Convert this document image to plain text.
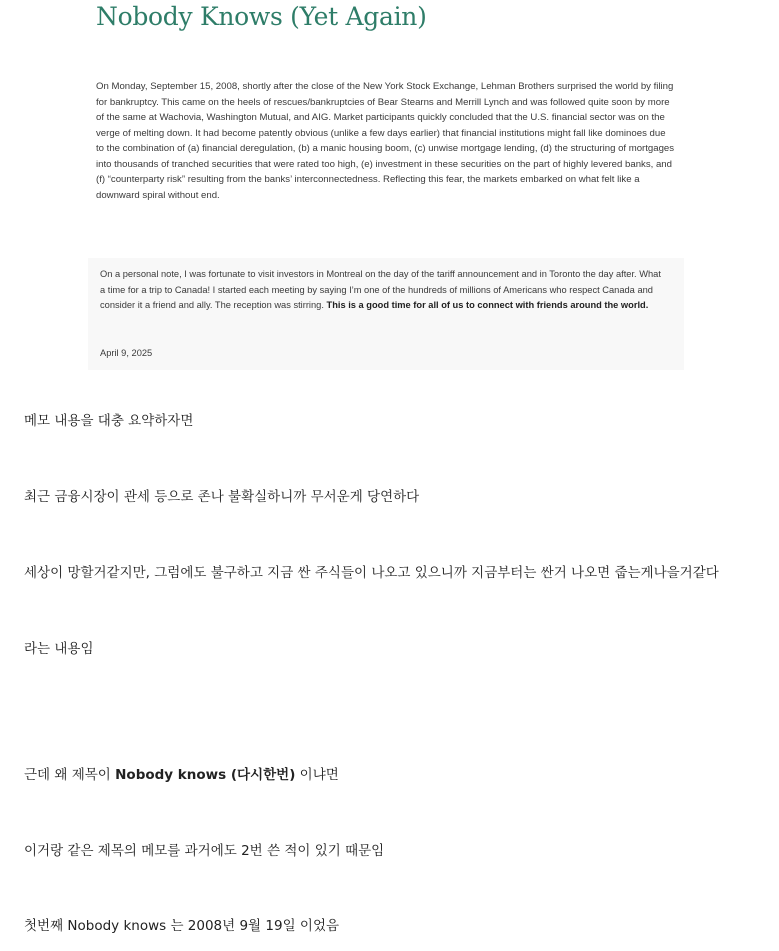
Nobody Knows (Yet Again)

On Monday, September 15, 2008, shortly after the close of the New York Stock Exchange, Lehman Brothers surprised the world by filing for bankruptcy. This came on the heels of rescues/bankruptcies of Bear Stearns and Merrill Lynch and was followed quite soon by more of the same at Wachovia, Washington Mutual, and AIG. Market participants quickly concluded that the U.S. financial sector was on the verge of melting down. It had become patently obvious (unlike a few days earlier) that financial institutions might fall like dominoes due to the combination of (a) financial deregulation, (b) a manic housing boom, (c) unwise mortgage lending, (d) the structuring of mortgages into thousands of tranched securities that were rated too high, (e) investment in these securities on the part of highly levered banks, and (f) “counterparty risk” resulting from the banks’ interconnectedness. Reflecting this fear, the markets embarked on what felt like a downward spiral without end.

On a personal note, I was fortunate to visit investors in Montreal on the day of the tariff announcement and in Toronto the day after. What a time for a trip to Canada! I started each meeting by saying I’m one of the hundreds of millions of Americans who respect Canada and consider it a friend and ally. The reception was stirring. This is a good time for all of us to connect with friends around the world.

April 9, 2025

메모 내용을 대충 요약하자면

최근 금융시장이 관세 등으로 존나 불확실하니까 무서운게 당연하다

세상이 망할거같지만, 그럼에도 불구하고 지금 싼 주식들이 나오고 있으니까 지금부터는 싼거 나오면 줍는게나을거같다

라는 내용임

근데 왜 제목이 Nobody knows (다시한번) 이냐면

이거랑 같은 제목의 메모를 과거에도 2번 쓴 적이 있기 때문임

첫번째 Nobody knows 는 2008년 9월 19일 이었음
